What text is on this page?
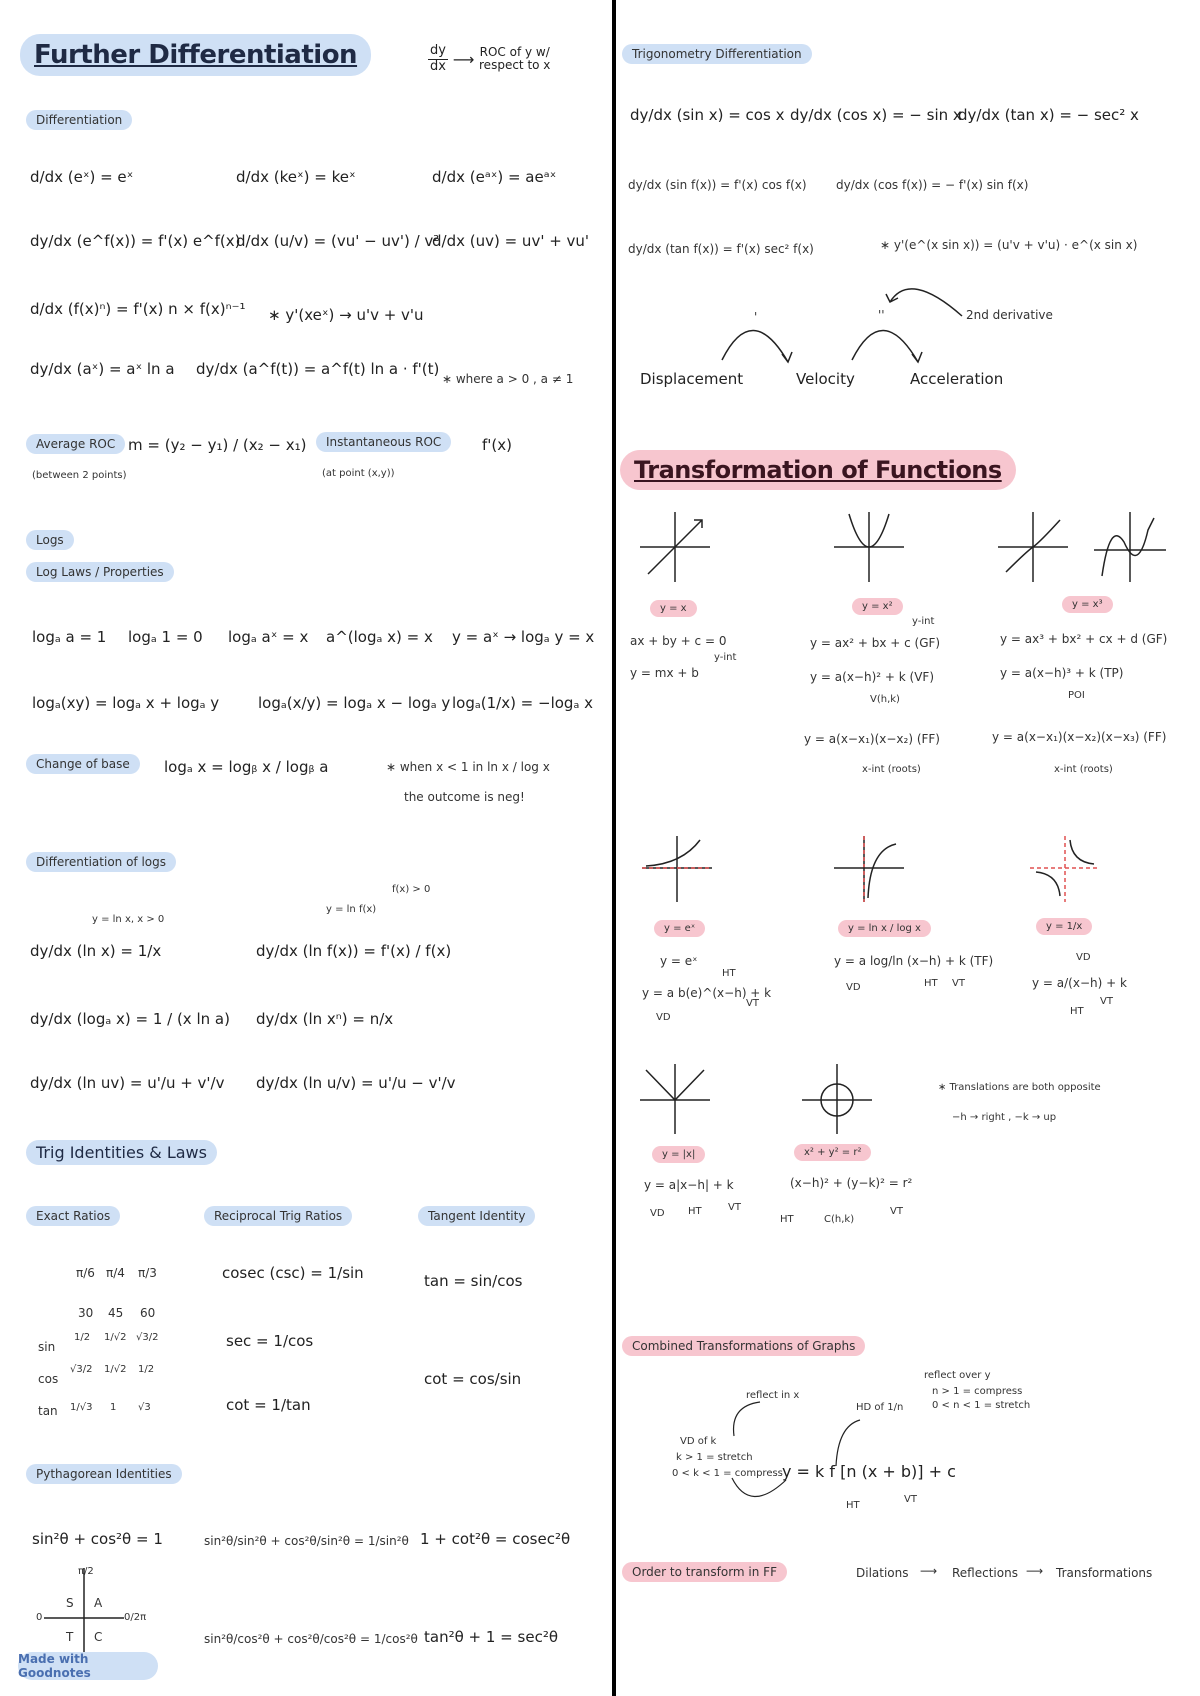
Further Differentiation	$\frac{dy}{dx}$ ⟶ ROC of y w/
respect to x
Differentiation
d/dx (eˣ) = eˣ	d/dx (keˣ) = keˣ	d/dx (eᵃˣ) = aeᵃˣ
dy/dx (e^f(x)) = f'(x) e^f(x)
d/dx (u/v) = (vu' − uv') / v²
d/dx (uv) = uv' + vu'
d/dx (f(x)ⁿ) = f'(x) n × f(x)ⁿ⁻¹ ∗ y'(xeˣ) → u'v + v'u
dy/dx (aˣ) = aˣ ln a dy/dx (a^f(t)) = a^f(t) ln a · f'(t)
∗ where a > 0 , a ≠ 1
Average ROC m = (y₂ − y₁) / (x₂ − x₁)
(between 2 points)
Instantaneous ROC	f'(x)
(at point (x,y))
Logs
Log Laws / Properties
logₐ a = 1 logₐ 1 = 0 logₐ aˣ = x a^(logₐ x) = x y = aˣ → logₐ y = x
logₐ(xy) = logₐ x + logₐ y	logₐ(x/y) = logₐ x − logₐ y logₐ(1/x) = −logₐ x
Change of base	logₐ x = logᵦ x / logᵦ a	∗ when x < 1 in ln x / log x
the outcome is neg!
Differentiation of logs
y = ln x, x > 0
y = ln f(x)
f(x) > 0
dy/dx (ln x) = 1/x	dy/dx (ln f(x)) = f'(x) / f(x)
dy/dx (logₐ x) = 1 / (x ln a) dy/dx (ln xⁿ) = n/x
dy/dx (ln uv) = u'/u + v'/v dy/dx (ln u/v) = u'/u − v'/v
Trig Identities & Laws
Exact Ratios	Reciprocal Trig Ratios	Tangent Identity
π/6 π/4 π/3
30 45 60
sin
1/2 1/√2 √3/2
cos
√3/2 1/√2 1/2
tan 1/√3 1 √3
cosec (csc) = 1/sin
sec = 1/cos
cot = 1/tan
tan = sin/cos
cot = cos/sin
Pythagorean Identities
sin²θ + cos²θ = 1	sin²θ/sin²θ + cos²θ/sin²θ = 1/sin²θ 1 + cot²θ = cosec²θ
sin²θ/cos²θ + cos²θ/cos²θ = 1/cos²θ tan²θ + 1 = sec²θ
π/2
0	0/2π
S A
T C
Made with Goodnotes
Trigonometry Differentiation
dy/dx (sin x) = cos x dy/dx (cos x) = − sin x
dy/dx (tan x) = − sec² x
dy/dx (sin f(x)) = f'(x) cos f(x) dy/dx (cos f(x)) = − f'(x) sin f(x)
dy/dx (tan f(x)) = f'(x) sec² f(x)	∗ y'(e^(x sin x)) = (u'v + v'u) · e^(x sin x)
'	''	2nd derivative
Displacement	Velocity	Acceleration
Transformation of Functions
y = x	y = x²	y = x³
ax + by + c = 0
y = mx + b
y-int
y-int
y = ax² + bx + c (GF)
y = a(x−h)² + k (VF)
V(h,k)
y = a(x−x₁)(x−x₂) (FF)
x-int (roots)
y = ax³ + bx² + cx + d (GF)
y = a(x−h)³ + k (TP)
POI
y = a(x−x₁)(x−x₂)(x−x₃) (FF)
x-int (roots)
y = eˣ	y = ln x / log x	y = 1/x
y = eˣ
y = a b(e)^(x−h) + k
HT
VT
VD
y = a log/ln (x−h) + k (TF)
VD	HT VT	y = a/(x−h) + k
VD
HT
VT
y = |x|	x² + y² = r²
y = a|x−h| + k
VD HT	VT
(x−h)² + (y−k)² = r²
HT	C(h,k)
VT
∗ Translations are both opposite
−h → right , −k → up
Combined Transformations of Graphs
reflect in x
VD of k
k > 1 = stretch
0 < k < 1 = compress
reflect over y
n > 1 = compress
0 < n < 1 = stretch
HD of 1/n
HT
VT
y = k f [n (x + b)] + c
Order to transform in FF	Dilations ⟶ Reflections ⟶ Transformations
